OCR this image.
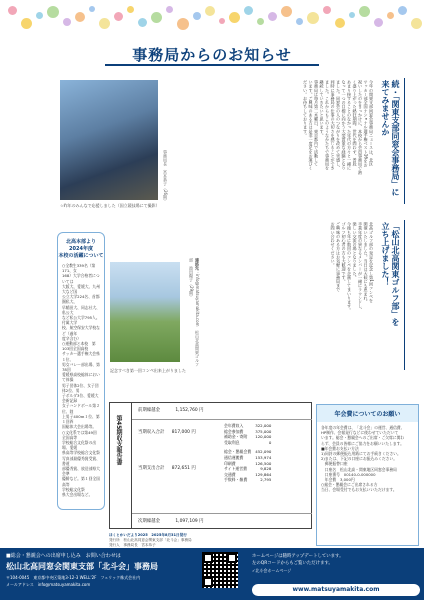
事務局からのお知らせ
☆昨年のみんなで応援しました（国立競技場にて撮影）
事務局長　宮本恭子（26期）	続・「関東支部同窓会事務局」に
来てみませんか
今年の関東支部同窓会事務局ニュースは、北区
サッカー部全国ナショナル選手権ベスト16をお
祝いしたのをきっかけに、本校から会員事務局で熱
く盛り上がった熱狂期間、世代を問わず、普段
あまり接することのなかった年代の方々と一緒に
なって一つの目標に向かう大変貴重な経験となり
ました。同窓会の人のつながりを改めて実感し、
同時に事務局の仕事の大切さを感じることができ
ました。これからもこのようなかたちで事務局を
継続していきたいと思います。
事務局は毎月第二木曜日、東京都内で活動して
います。ご興味のある方は是非一度足をお運びく
ださい。お待ちしております。
北高本部より
2024年度
本校の活躍について
○全教生339名（第171、女
168）大学合格者については
大阪大、愛媛大、九州大など国
公立大学224名、首都圏私大、
早稲田大、同志社大、私公大
など私公大学795人。付属大学
校、航空保安大学校など（過年
度卒含む）
○運動部と本校　第103回全国高校
サッカー選手権大会県１位、
男女バレー部出場、第78回
愛媛県高校総体において体操
男子団体2位、女子団体2位、男
子ボルダ3位、愛媛大会新記録
女子ハンドボール第２位、陸
上男子400ｍ１位、第１回四
国総体大会出場等。
○文化系では第49回全国高等
学校総合文化祭の出場、愛媛
県高等学校総合文化祭
写真部最優秀賞受賞、書道
部優秀賞、放送部県大会準
優勝など。第１回全国高等
学校総文化祭
県大会出場など。
記念すべき第一回コンペ出来上がりました
連絡先：info@matsuyamakita.com　松山北高関東ゴルフ部　池田陽子（29期）	「松山北高関東ゴルフ部」を
立ち上げました！
北高ゴルフ部の発足を記念し第1回コンペを
開催いたしました。当日は天候にも恵まれ、
卒業年度の異なるメンバーが一緒にラウンドし、
楽しい交流の場となりました。
今後も年に数回のコンペを企画してまいります。
ゴルフ初心者の方も大歓迎です。
ご興味のある方はお気軽に事務局まで
お問い合わせください。
第45期収支報告書
前期繰越金	1,152,760 円
当期収入合計 817,000 円
当期支出合計 872,651 円
会年費収入	322,000
総会参加費	375,000
補助金・寄附	120,000
受取利息	0

総会・懇親会費	452,090
通信運搬費	153,974
印刷費	126,500
サイト運営費	9,828
交通費	129,864
手数料・雑費	2,795
次期繰越金	1,097,109 円
ほくとかいだより2025　2025年8月31日発行
発行所　松山北高同窓会関東支部「北斗会」事務局
発行人　事務局長　宮本恭子
年会費についてのお願い
各年度の年会費は、「北斗会」の運営、通信費、
HP制作、会報発行などに使わせていただいて
います。総会・懇親会へのご出席・ご欠席に関わ
らず、会員の皆様にご協力をお願いいたします。
■年会費お支払い方法
1)同封の郵便振込用紙にてお手続きください。
2)または、下記の口座にお振込みください。
　郵便振替口座
　口座名　松山北高・関東地区同窓会事務局
　口座番号　00140-0-000000
　年会費　3,000円
○総会・懇親会にご出席される方
当日、会場受付でもお支払いいただけます。
■総会・懇親会への出席申し込み　お問い合わせは
松山北高同窓会関東支部「北斗会」事務局
〒104-0045　東京都中央区築地3-12-3 WELL'2F　フェリック株式会社内
メールアドレス　info@matsuyamakita.com
ホームページは随時アップデートしています。
左のQRコードからもご覧いただけます。
✓北斗会ホームページ
www.matsuyamakita.com
